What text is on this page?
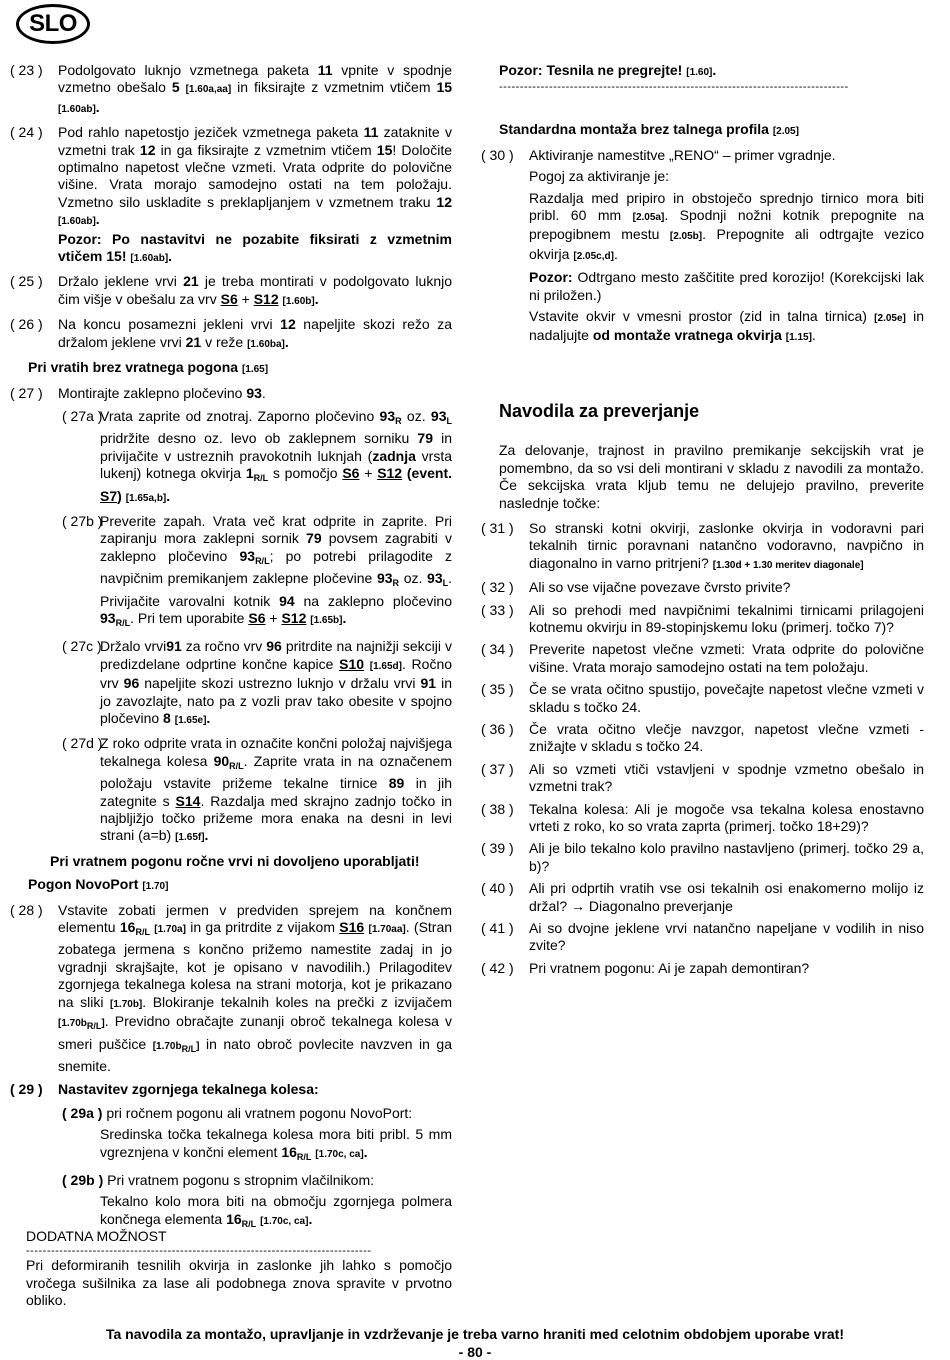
SLO
( 23 ) Podolgovato luknjo vzmetnega paketa 11 vpnite v spodnje vzmetno obešalo 5 [1.60a,aa] in fiksirajte z vzmetnim vtičem 15 [1.60ab].

( 24 ) Pod rahlo napetostjo jeziček vzmetnega paketa 11 zataknite v vzmetni trak 12 in ga fiksirajte z vzmetnim vtičem 15! Določite optimalno napetost vlečne vzmeti. Vrata odprite do polovične višine. Vrata morajo samodejno ostati na tem položaju. Vzmetno silo uskladite s preklapljanjem v vzmetnem traku 12 [1.60ab].

Pozor: Po nastavitvi ne pozabite fiksirati z vzmetnim vtičem 15! [1.60ab].

( 25 ) Držalo jeklene vrvi 21 je treba montirati v podolgovato luknjo čim višje v obešalu za vrv S6 + S12 [1.60b].

( 26 ) Na koncu posamezni jekleni vrvi 12 napeljite skozi režo za držalom jeklene vrvi 21 v reže [1.60ba].

Pri vratih brez vratnega pogona [1.65]

( 27 ) Montirajte zaklepno pločevino 93.

( 27a )

Vrata zaprite od znotraj. Zaporno pločevino $93_R$ oz. $93_L$ pridržite desno oz. levo ob zaklepnem sorniku 79 in privijačite v ustreznih pravokotnih luknjah (zadnja vrsta lukenj) kotnega okvirja $1_{R/L}$ s pomočjo S6 + S12 (event. S7) [1.65a,b].

( 27b )

Preverite zapah. Vrata več krat odprite in zaprite. Pri zapiranju mora zaklepni sornik 79 povsem zagrabiti v zaklepno pločevino $93_{R/L}$; po potrebi prilagodite z navpičnim premikanjem zaklepne pločevine $93_R$ oz. $93_L$. Privijačite varovalni kotnik 94 na zaklepno pločevino $93_{R/L}$. Pri tem uporabite S6 + S12 [1.65b].

( 27c )

Držalo vrvi91 za ročno vrv 96 pritrdite na najnižji sekciji v predizdelane odprtine končne kapice S10 [1.65d]. Ročno vrv 96 napeljite skozi ustrezno luknjo v držalu vrvi 91 in jo zavozlajte, nato pa z vozli prav tako obesite v spojno pločevino 8 [1.65e].

( 27d )

Z roko odprite vrata in označite končni položaj najvišjega tekalnega kolesa $90_{R/L}$. Zaprite vrata in na označenem položaju vstavite prižeme tekalne tirnice 89 in jih zategnite s S14. Razdalja med skrajno zadnjo točko in najbljižjo točko prižeme mora enaka na desni in levi strani (a=b) [1.65f].

Pri vratnem pogonu ročne vrvi ni dovoljeno uporabljati!

Pogon NovoPort [1.70]

( 28 ) Vstavite zobati jermen v predviden sprejem na končnem elementu $16_{R/L}$ [1.70a] in ga pritrdite z vijakom S16 [1.70aa]. (Stran zobatega jermena s končno prižemo namestite zadaj in jo vgradnji skrajšajte, kot je opisano v navodilih.) Prilagoditev zgornjega tekalnega kolesa na strani motorja, kot je prikazano na sliki [1.70b]. Blokiranje tekalnih koles na prečki z izvijačem $[1.70b_{R/L}]$. Previdno obračajte zunanji obroč tekalnega kolesa v smeri puščice $[1.70b_{R/L}]$ in nato obroč povlecite navzven in ga snemite.

( 29 ) Nastavitev zgornjega tekalnega kolesa:

( 29a ) pri ročnem pogonu ali vratnem pogonu NovoPort:

Sredinska točka tekalnega kolesa mora biti pribl. 5 mm vgreznjena v končni element $16_{R/L}$ [1.70c, ca].

( 29b ) Pri vratnem pogonu s stropnim vlačilnikom:

Tekalno kolo mora biti na območju zgornjega polmera končnega elementa $16_{R/L}$ [1.70c, ca].

DODATNA MOŽNOST

-----------------------------------------------------------------------------------

Pri deformiranih tesnilih okvirja in zaslonke jih lahko s pomočjo vročega sušilnika za lase ali podobnega znova spravite v prvotno obliko.

Pozor: Tesnila ne pregrejte! [1.60].

------------------------------------------------------------------------------------

Standardna montaža brez talnega profila [2.05]

( 30 ) Aktiviranje namestitve „RENO“ – primer vgradnje.

Pogoj za aktiviranje je:

Razdalja med pripiro in obstoječo sprednjo tirnico mora biti pribl. 60 mm [2.05a]. Spodnji nožni kotnik prepognite na prepogibnem mestu [2.05b]. Prepognite ali odtrgajte vezico okvirja [2.05c,d].

Pozor: Odtrgano mesto zaščitite pred korozijo! (Korekcijski lak ni priložen.)

Vstavite okvir v vmesni prostor (zid in talna tirnica) [2.05e] in nadaljujte od montaže vratnega okvirja [1.15].

Navodila za preverjanje

Za delovanje, trajnost in pravilno premikanje sekcijskih vrat je pomembno, da so vsi deli montirani v skladu z navodili za montažo. Če sekcijska vrata kljub temu ne delujejo pravilno, preverite naslednje točke:

( 31 ) So stranski kotni okvirji, zaslonke okvirja in vodoravni pari tekalnih tirnic poravnani natančno vodoravno, navpično in diagonalno in varno pritrjeni? [1.30d + 1.30 meritev diagonale]

( 32 ) Ali so vse vijačne povezave čvrsto privite?

( 33 ) Ali so prehodi med navpičnimi tekalnimi tirnicami prilagojeni kotnemu okvirju in 89-stopinjskemu loku (primerj. točko 7)?

( 34 ) Preverite napetost vlečne vzmeti: Vrata odprite do polovične višine. Vrata morajo samodejno ostati na tem položaju.

( 35 ) Če se vrata očitno spustijo, povečajte napetost vlečne vzmeti v skladu s točko 24.

( 36 ) Če vrata očitno vlečje navzgor, napetost vlečne vzmeti - znižajte v skladu s točko 24.

( 37 ) Ali so vzmeti vtiči vstavljeni v spodnje vzmetno obešalo in vzmetni trak?

( 38 ) Tekalna kolesa: Ali je mogoče vsa tekalna kolesa enostavno vrteti z roko, ko so vrata zaprta (primerj. točko 18+29)?

( 39 ) Ali je bilo tekalno kolo pravilno nastavljeno (primerj. točko 29 a, b)?

( 40 ) Ali pri odprtih vratih vse osi tekalnih osi enakomerno molijo iz držal? → Diagonalno preverjanje

( 41 ) Ai so dvojne jeklene vrvi natančno napeljane v vodilih in niso zvite?

( 42 ) Pri vratnem pogonu: Ai je zapah demontiran?

Ta navodila za montažo, upravljanje in vzdrževanje je treba varno hraniti med celotnim obdobjem uporabe vrat!
- 80 -
